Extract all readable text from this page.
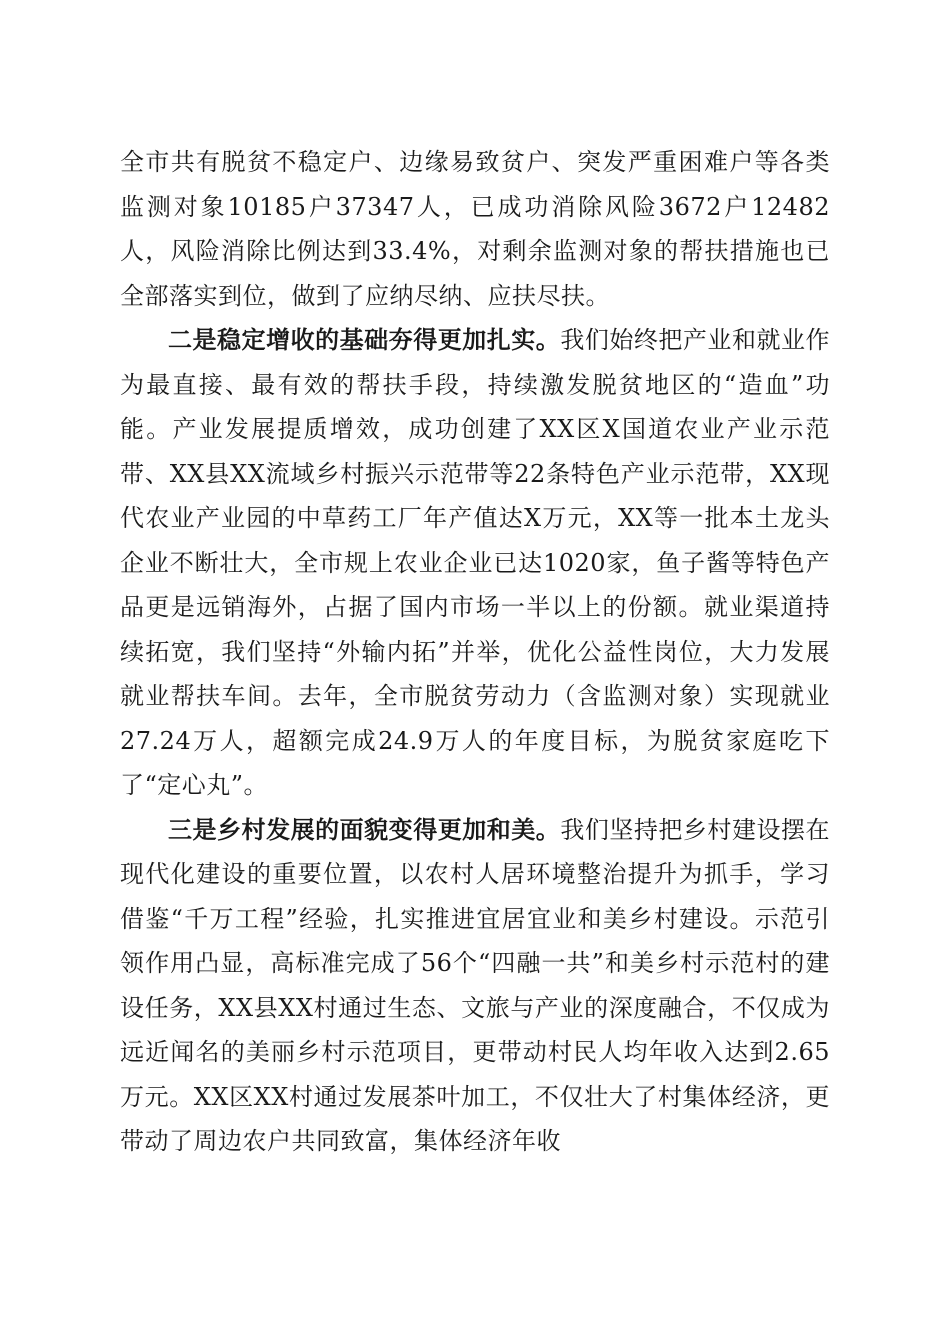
全市共有脱贫不稳定户、边缘易致贫户、突发严重困难户等各类监测对象10185户37347人，已成功消除风险3672户12482人，风险消除比例达到33.4%，对剩余监测对象的帮扶措施也已全部落实到位，做到了应纳尽纳、应扶尽扶。

二是稳定增收的基础夯得更加扎实。我们始终把产业和就业作为最直接、最有效的帮扶手段，持续激发脱贫地区的“造血”功能。产业发展提质增效，成功创建了XX区X国道农业产业示范带、XX县XX流域乡村振兴示范带等22条特色产业示范带，XX现代农业产业园的中草药工厂年产值达X万元，XX等一批本土龙头企业不断壮大，全市规上农业企业已达1020家，鱼子酱等特色产品更是远销海外，占据了国内市场一半以上的份额。就业渠道持续拓宽，我们坚持“外输内拓”并举，优化公益性岗位，大力发展就业帮扶车间。去年，全市脱贫劳动力（含监测对象）实现就业27.24万人，超额完成24.9万人的年度目标，为脱贫家庭吃下了“定心丸”。

三是乡村发展的面貌变得更加和美。我们坚持把乡村建设摆在现代化建设的重要位置，以农村人居环境整治提升为抓手，学习借鉴“千万工程”经验，扎实推进宜居宜业和美乡村建设。示范引领作用凸显，高标准完成了56个“四融一共”和美乡村示范村的建设任务，XX县XX村通过生态、文旅与产业的深度融合，不仅成为远近闻名的美丽乡村示范项目，更带动村民人均年收入达到2.65万元。XX区XX村通过发展茶叶加工，不仅壮大了村集体经济，更带动了周边农户共同致富，集体经济年收
